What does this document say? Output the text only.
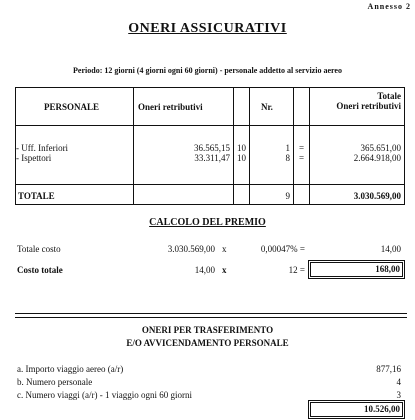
Annesso 2
ONERI ASSICURATIVI
Periodo: 12 giorni (4 giorni ogni 60 giorni) - personale addetto al servizio aereo
PERSONALE	Oneri retributivi	Nr.
Totale
Oneri retributivi
- Uff. Inferiori	36.565,15 10	1 =	365.651,00
- Ispettori	33.311,47 10	8 =	2.664.918,00
TOTALE	9	3.030.569,00
CALCOLO DEL PREMIO
Totale costo	3.030.569,00 x	0,00047% =	14,00
Costo totale	14,00 x	12 =	168,00
ONERI PER TRASFERIMENTO
E/O AVVICENDAMENTO PERSONALE
a. Importo viaggio aereo (a/r)	877,16
b. Numero personale	4
c. Numero viaggi (a/r) - 1 viaggio ogni 60 giorni	3
10.526,00
